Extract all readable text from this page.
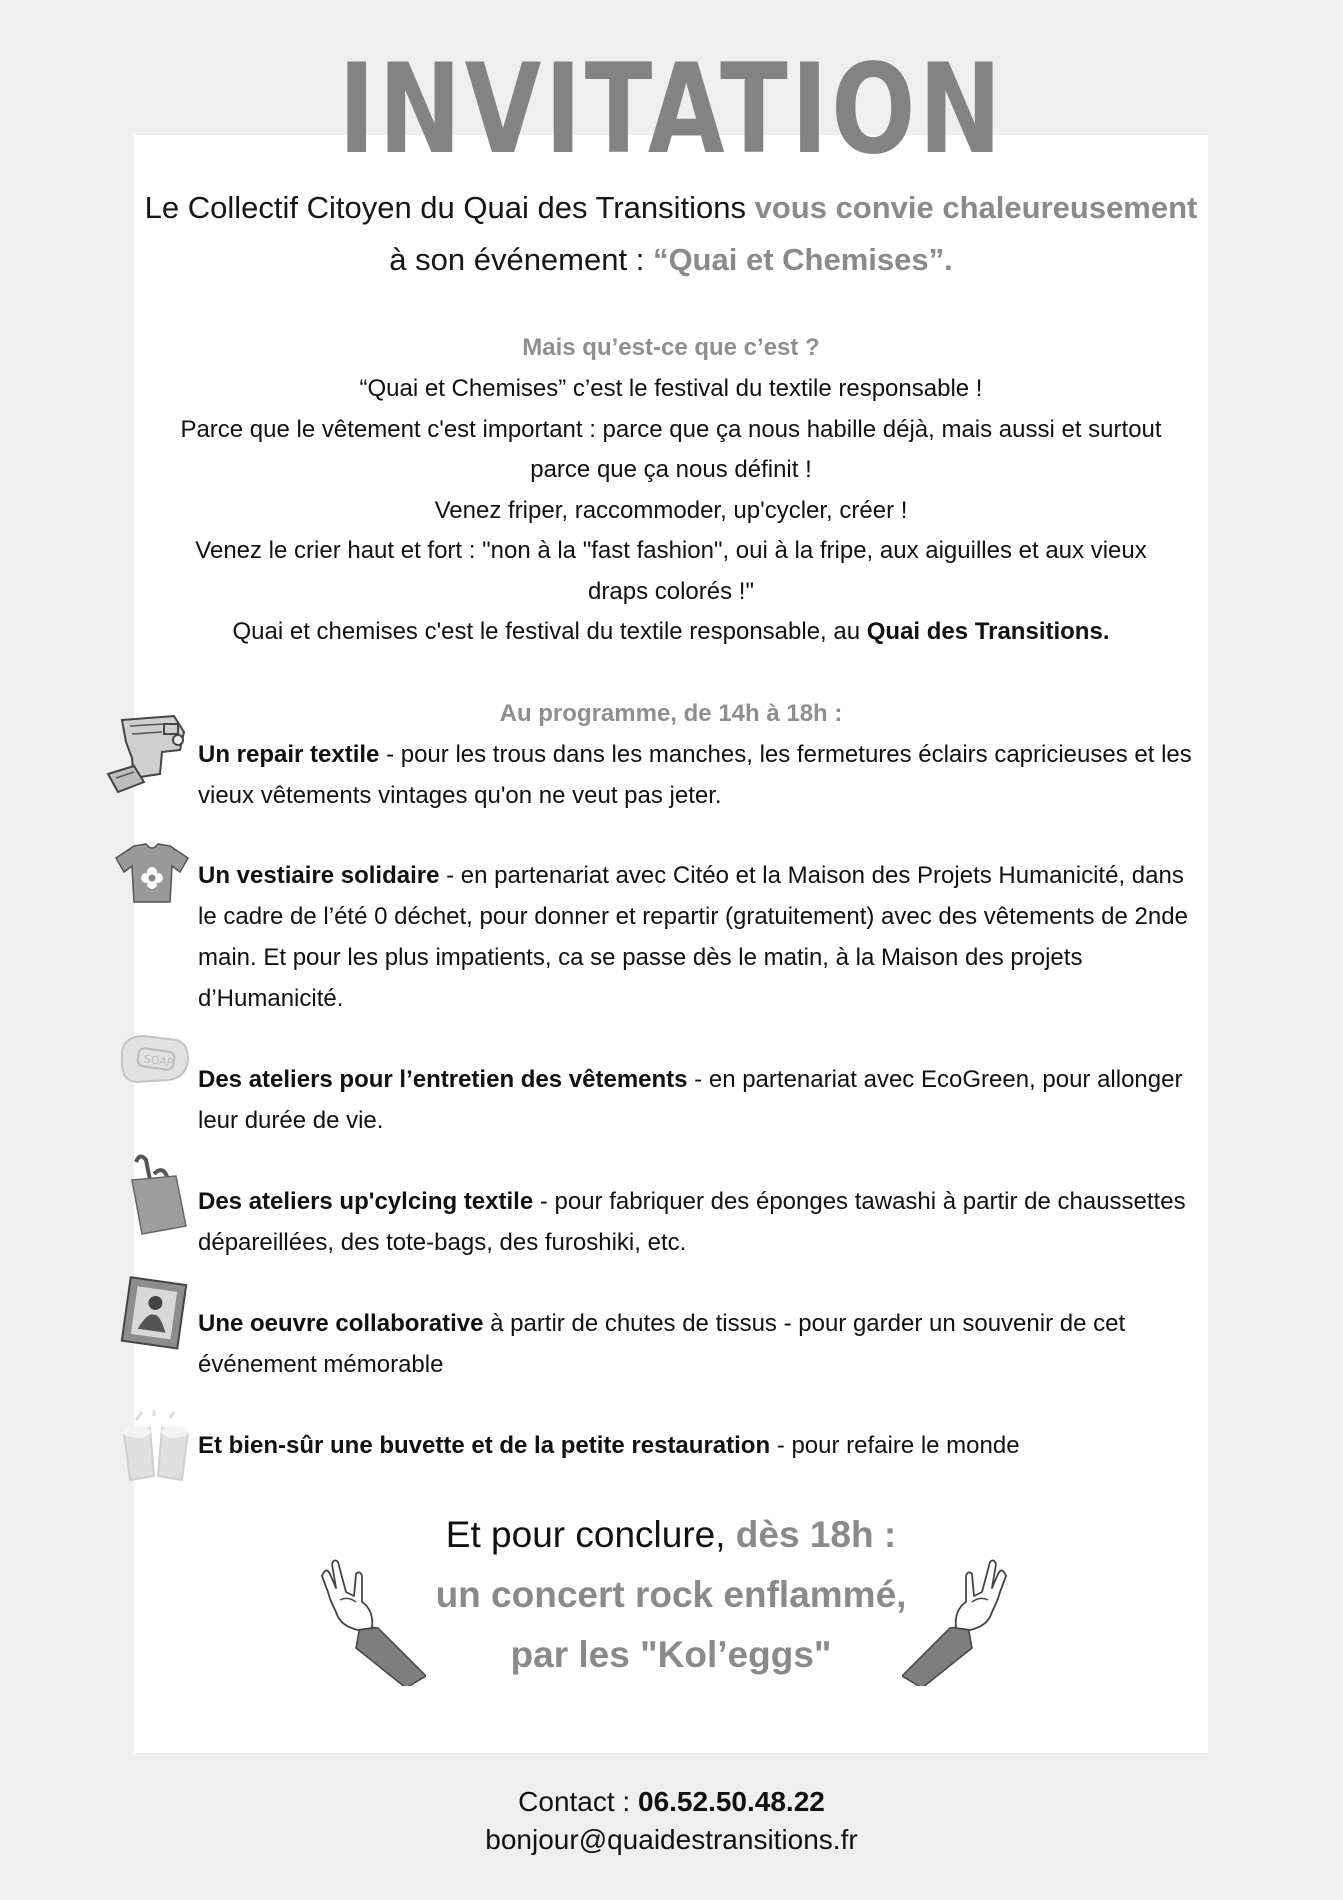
INVITATION
Le Collectif Citoyen du Quai des Transitions vous convie chaleureusement à son événement : “Quai et Chemises”.
Mais qu’est-ce que c’est ?
“Quai et Chemises” c’est le festival du textile responsable !
Parce que le vêtement c'est important : parce que ça nous habille déjà, mais aussi et surtout parce que ça nous définit !
Venez friper, raccommoder, up'cycler, créer !
Venez le crier haut et fort : "non à la "fast fashion", oui à la fripe, aux aiguilles et aux vieux draps colorés !"
Quai et chemises c'est le festival du textile responsable, au Quai des Transitions.
Au programme, de 14h à 18h :
Un repair textile - pour les trous dans les manches, les fermetures éclairs capricieuses et les vieux vêtements vintages qu'on ne veut pas jeter.
Un vestiaire solidaire - en partenariat avec Citéo et la Maison des Projets Humanicité, dans le cadre de l’été 0 déchet, pour donner et repartir (gratuitement) avec des vêtements de 2nde main. Et pour les plus impatients, ca se passe dès le matin, à la Maison des projets d’Humanicité.
Des ateliers pour l’entretien des vêtements - en partenariat avec EcoGreen, pour allonger leur durée de vie.
Des ateliers up'cylcing textile - pour fabriquer des éponges tawashi à partir de chaussettes dépareillées, des tote-bags, des furoshiki, etc.
Une oeuvre collaborative à partir de chutes de tissus - pour garder un souvenir de cet événement mémorable
Et bien-sûr une buvette et de la petite restauration - pour refaire le monde
SOAP
Et pour conclure, dès 18h :
un concert rock enflammé,
par les "Kol’eggs"
Contact : 06.52.50.48.22
bonjour@quaidestransitions.fr
